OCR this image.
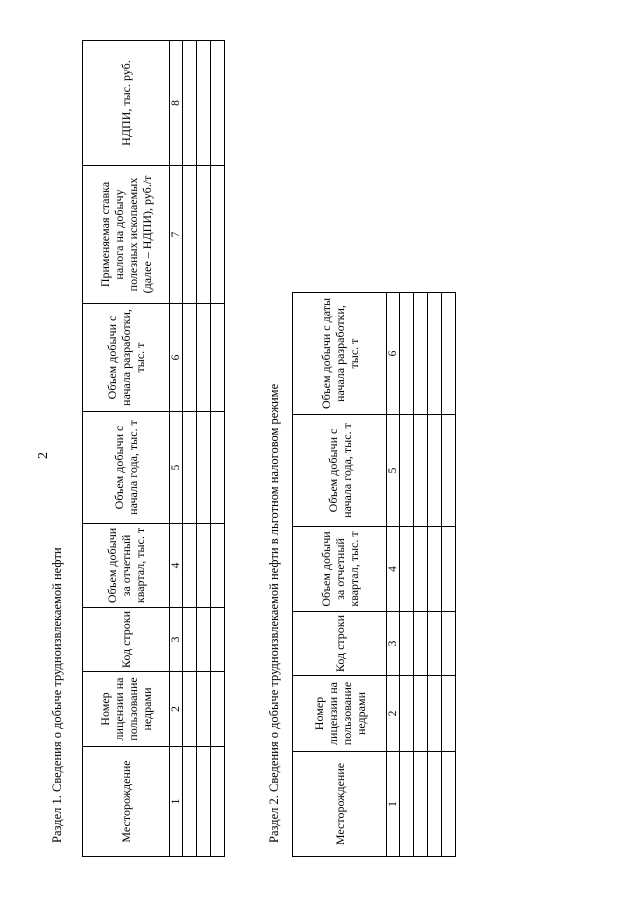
2
Раздел 1. Сведения о добыче трудноизвлекаемой нефти	Месторождение	Номер лицензии на пользование недрами	Код строки	Объем добычи за отчетный квартал, тыс. т	Объем добычи с начала года, тыс. т	Объем добычи с начала разработки, тыс. т	Применяемая ставка налога на добычу полезных ископаемых (далее – НДПИ), руб./т	НДПИ, тыс. руб.
1	2	3	4	5	6	7	8

Раздел 2. Сведения о добыче трудноизвлекаемой нефти в льготном налоговом режиме	Месторождение	Номер лицензии на пользование недрами	Код строки	Объем добычи за отчетный квартал, тыс. т	Объем добычи с начала года, тыс. т	Объем добычи с даты начала разработки, тыс. т
1	2	3	4	5	6
